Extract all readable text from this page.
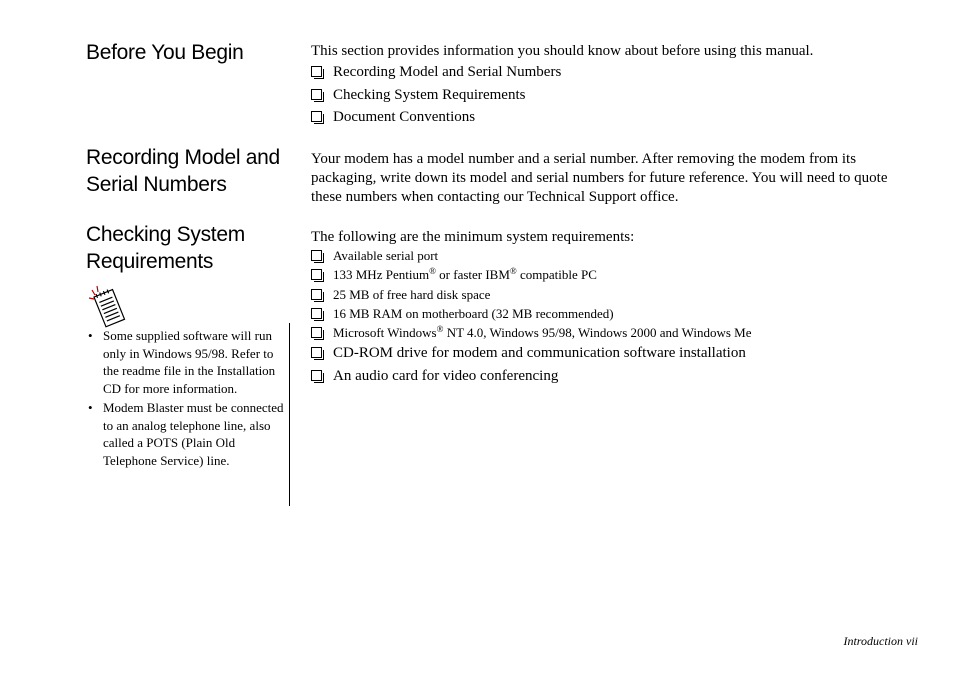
Before You Begin
Recording Model and
Serial Numbers
Checking System
Requirements

This section provides information you should know about before using this manual.

Recording Model and Serial Numbers
Checking System Requirements
Document Conventions

Your modem has a model number and a serial number. After removing the modem from its packaging, write down its model and serial numbers for future reference. You will need to quote these numbers when contacting our Technical Support office.

The following are the minimum system requirements:

Available serial port
133 MHz Pentium® or faster IBM® compatible PC
25 MB of free hard disk space
16 MB RAM on motherboard (32 MB recommended)
Microsoft Windows® NT 4.0, Windows 95/98, Windows 2000 and Windows Me
CD-ROM drive for modem and communication software installation
An audio card for video conferencing
• Some supplied software will run only in Windows 95/98. Refer to the readme file in the Installation CD for more information.
• Modem Blaster must be connected to an analog telephone line, also called a POTS (Plain Old Telephone Service) line.
Introduction vii
